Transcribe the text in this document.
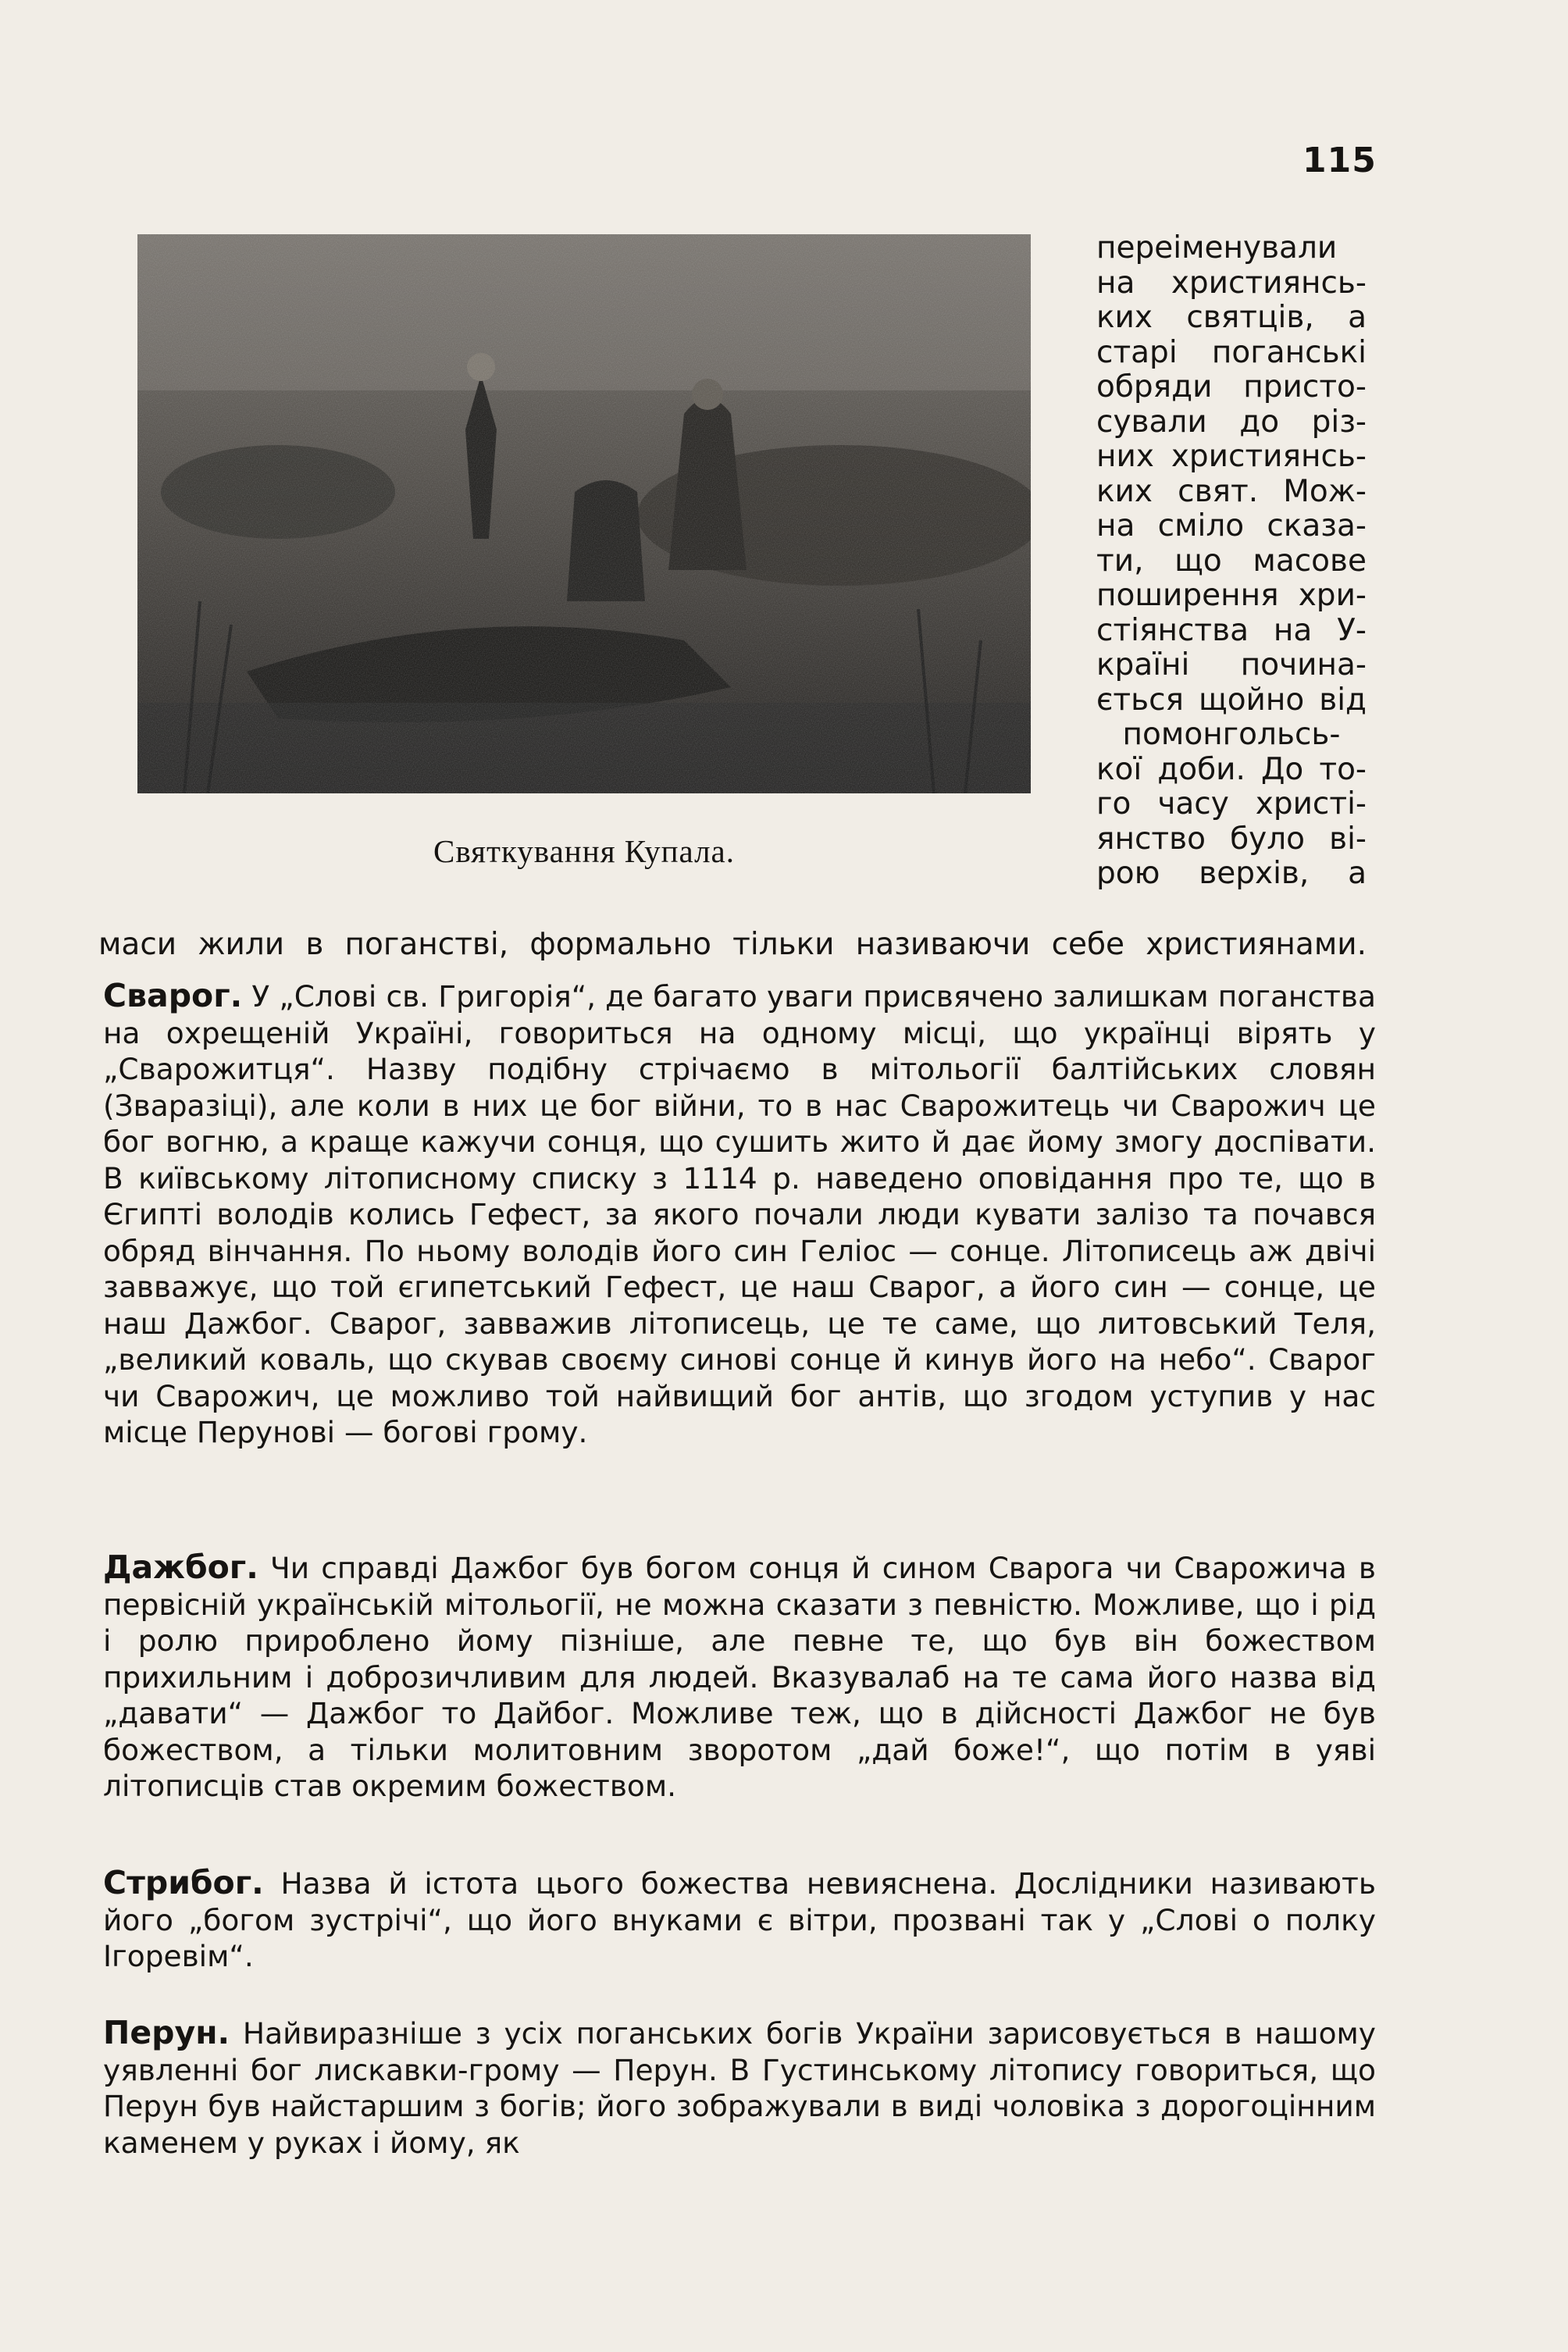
115
Святкування Купала.
переіменували
на християнсь-
ких святців, а
старі поганські
обряди присто-
сували до різ-
них християнсь-
ких свят. Мож-
на сміло сказа-
ти, що масове
поширення хри-
стіянства на У-
країні почина-
ється щойно від
помонгольсь-
кої доби. До то-
го часу христі-
янство було ві-
рою верхів, а
маси жили в поганстві, формально тільки називаючи себе християнами.
Сварог. У „Слові св. Григорія“, де багато уваги присвячено залишкам поганства на охрещеній Україні, говориться на одному місці, що українці вірять у „Сварожитця“. Назву подібну стрічаємо в мітольогії балтійських словян (Зваразіці), але коли в них це бог війни, то в нас Сварожитець чи Сварожич це бог вогню, а краще кажучи сонця, що сушить жито й дає йому змогу доспівати. В київському літописному списку з 1114 р. наведено оповідання про те, що в Єгипті володів колись Гефест, за якого почали люди кувати залізо та почався обряд вінчання. По ньому володів його син Геліос — сонце. Літописець аж двічі завважує, що той єгипетський Гефест, це наш Сварог, а його син — сонце, це наш Дажбог. Сварог, завважив літописець, це те саме, що литовський Теля, „великий коваль, що скував своєму синові сонце й кинув його на небо“. Сварог чи Сварожич, це можливо той найвищий бог антів, що згодом уступив у нас місце Перунові — богові грому.
Дажбог. Чи справді Дажбог був богом сонця й сином Сварога чи Сварожича в первісній українській мітольогії, не можна сказати з певністю. Можливе, що і рід і ролю прироблено йому пізніше, але певне те, що був він божеством прихильним і доброзичливим для людей. Вказувалаб на те сама його назва від „давати“ — Дажбог то Дайбог. Можливе теж, що в дійсності Дажбог не був божеством, а тільки молитовним зворотом „дай боже!“, що потім в уяві літописців став окремим божеством.
Стрибог. Назва й істота цього божества невияснена. Дослідники називають його „богом зустрічі“, що його внуками є вітри, прозвані так у „Слові о полку Ігоревім“.
Перун. Найвиразніше з усіх поганських богів України зарисовується в нашому уявленні бог лискавки-грому — Перун. В Густинському літопису говориться, що Перун був найстаршим з богів; його зображували в виді чоловіка з дорогоцінним каменем у руках і йому, як
